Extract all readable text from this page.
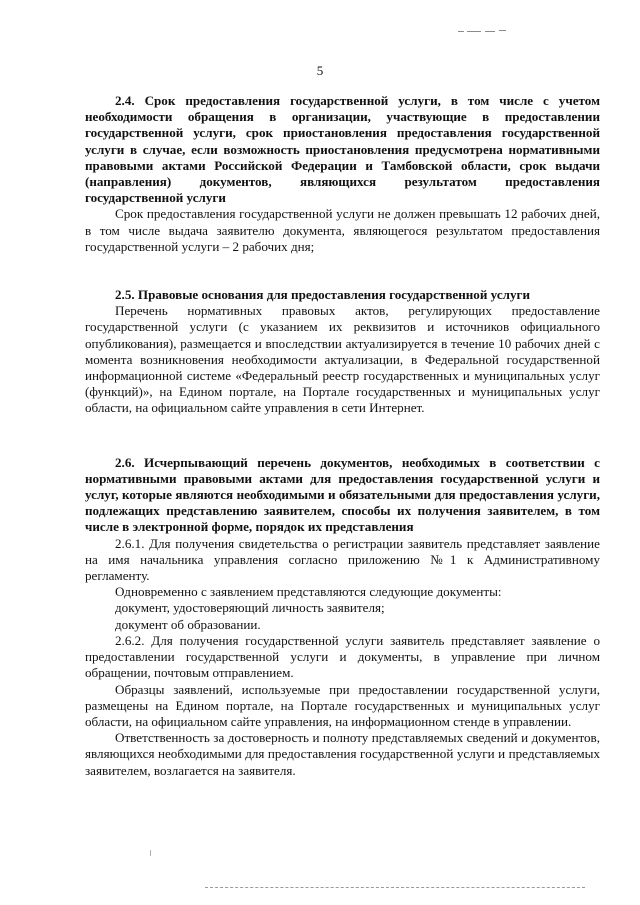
5

2.4. Срок предоставления государственной услуги, в том числе с учетом необходимости обращения в организации, участвующие в предоставлении государственной услуги, срок приостановления предоставления государственной услуги в случае, если возможность приостановления предусмотрена нормативными правовыми актами Российской Федерации и Тамбовской области, срок выдачи (направления) документов, являющихся результатом предоставления государственной услуги

Срок предоставления государственной услуги не должен превышать 12 рабочих дней, в том числе выдача заявителю документа, являющегося результатом предоставления государственной услуги – 2 рабочих дня;

2.5. Правовые основания для предоставления государственной услуги

Перечень нормативных правовых актов, регулирующих предоставление государственной услуги (с указанием их реквизитов и источников официального опубликования), размещается и впоследствии актуализируется в течение 10 рабочих дней с момента возникновения необходимости актуализации, в Федеральной государственной информационной системе «Федеральный реестр государственных и муниципальных услуг (функций)», на Едином портале, на Портале государственных и муниципальных услуг области, на официальном сайте управления в сети Интернет.

2.6. Исчерпывающий перечень документов, необходимых в соответствии с нормативными правовыми актами для предоставления государственной услуги и услуг, которые являются необходимыми и обязательными для предоставления услуги, подлежащих представлению заявителем, способы их получения заявителем, в том числе в электронной форме, порядок их представления

2.6.1. Для получения свидетельства о регистрации заявитель представляет заявление на имя начальника управления согласно приложению №1 к Административному регламенту.

Одновременно с заявлением представляются следующие документы:

документ, удостоверяющий личность заявителя;

документ об образовании.

2.6.2. Для получения государственной услуги заявитель представляет заявление о предоставлении государственной услуги и документы, в управление при личном обращении, почтовым отправлением.

Образцы заявлений, используемые при предоставлении государственной услуги, размещены на Едином портале, на Портале государственных и муниципальных услуг области, на официальном сайте управления, на информационном стенде в управлении.

Ответственность за достоверность и полноту представляемых сведений и документов, являющихся необходимыми для предоставления государственной услуги и представляемых заявителем, возлагается на заявителя.
